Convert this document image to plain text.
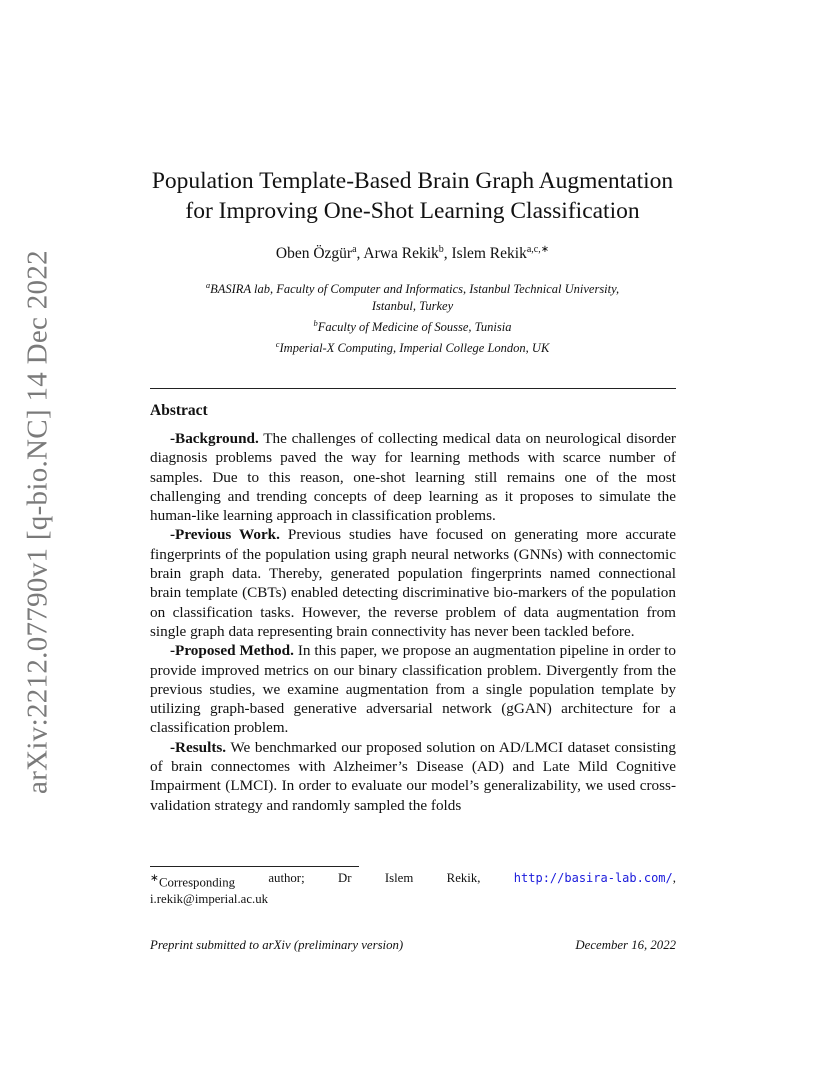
arXiv:2212.07790v1 [q-bio.NC] 14 Dec 2022
Population Template-Based Brain Graph Augmentation
for Improving One-Shot Learning Classification
Oben Özgür$^a$, Arwa Rekik$^b$, Islem Rekik$^{a,c,∗}$
$^a$BASIRA lab, Faculty of Computer and Informatics, Istanbul Technical University,
Istanbul, Turkey
$^b$Faculty of Medicine of Sousse, Tunisia
$^c$Imperial-X Computing, Imperial College London, UK
Abstract

-Background. The challenges of collecting medical data on neurological disorder diagnosis problems paved the way for learning methods with scarce number of samples. Due to this reason, one-shot learning still remains one of the most challenging and trending concepts of deep learning as it proposes to simulate the human-like learning approach in classification problems.

-Previous Work. Previous studies have focused on generating more accurate fingerprints of the population using graph neural networks (GNNs) with connectomic brain graph data. Thereby, generated population fingerprints named connectional brain template (CBTs) enabled detecting discriminative bio-markers of the population on classification tasks. However, the reverse problem of data augmentation from single graph data representing brain connectivity has never been tackled before.

-Proposed Method. In this paper, we propose an augmentation pipeline in order to provide improved metrics on our binary classification problem. Divergently from the previous studies, we examine augmentation from a single population template by utilizing graph-based generative adversarial network (gGAN) architecture for a classification problem.

-Results. We benchmarked our proposed solution on AD/LMCI dataset consisting of brain connectomes with Alzheimer’s Disease (AD) and Late Mild Cognitive Impairment (LMCI). In order to evaluate our model’s generalizability, we used cross-validation strategy and randomly sampled the folds

∗Corresponding	author;	Dr	Islem	Rekik,	http://basira-lab.com/,
i.rekik@imperial.ac.uk
Preprint submitted to arXiv (preliminary version)	December 16, 2022
